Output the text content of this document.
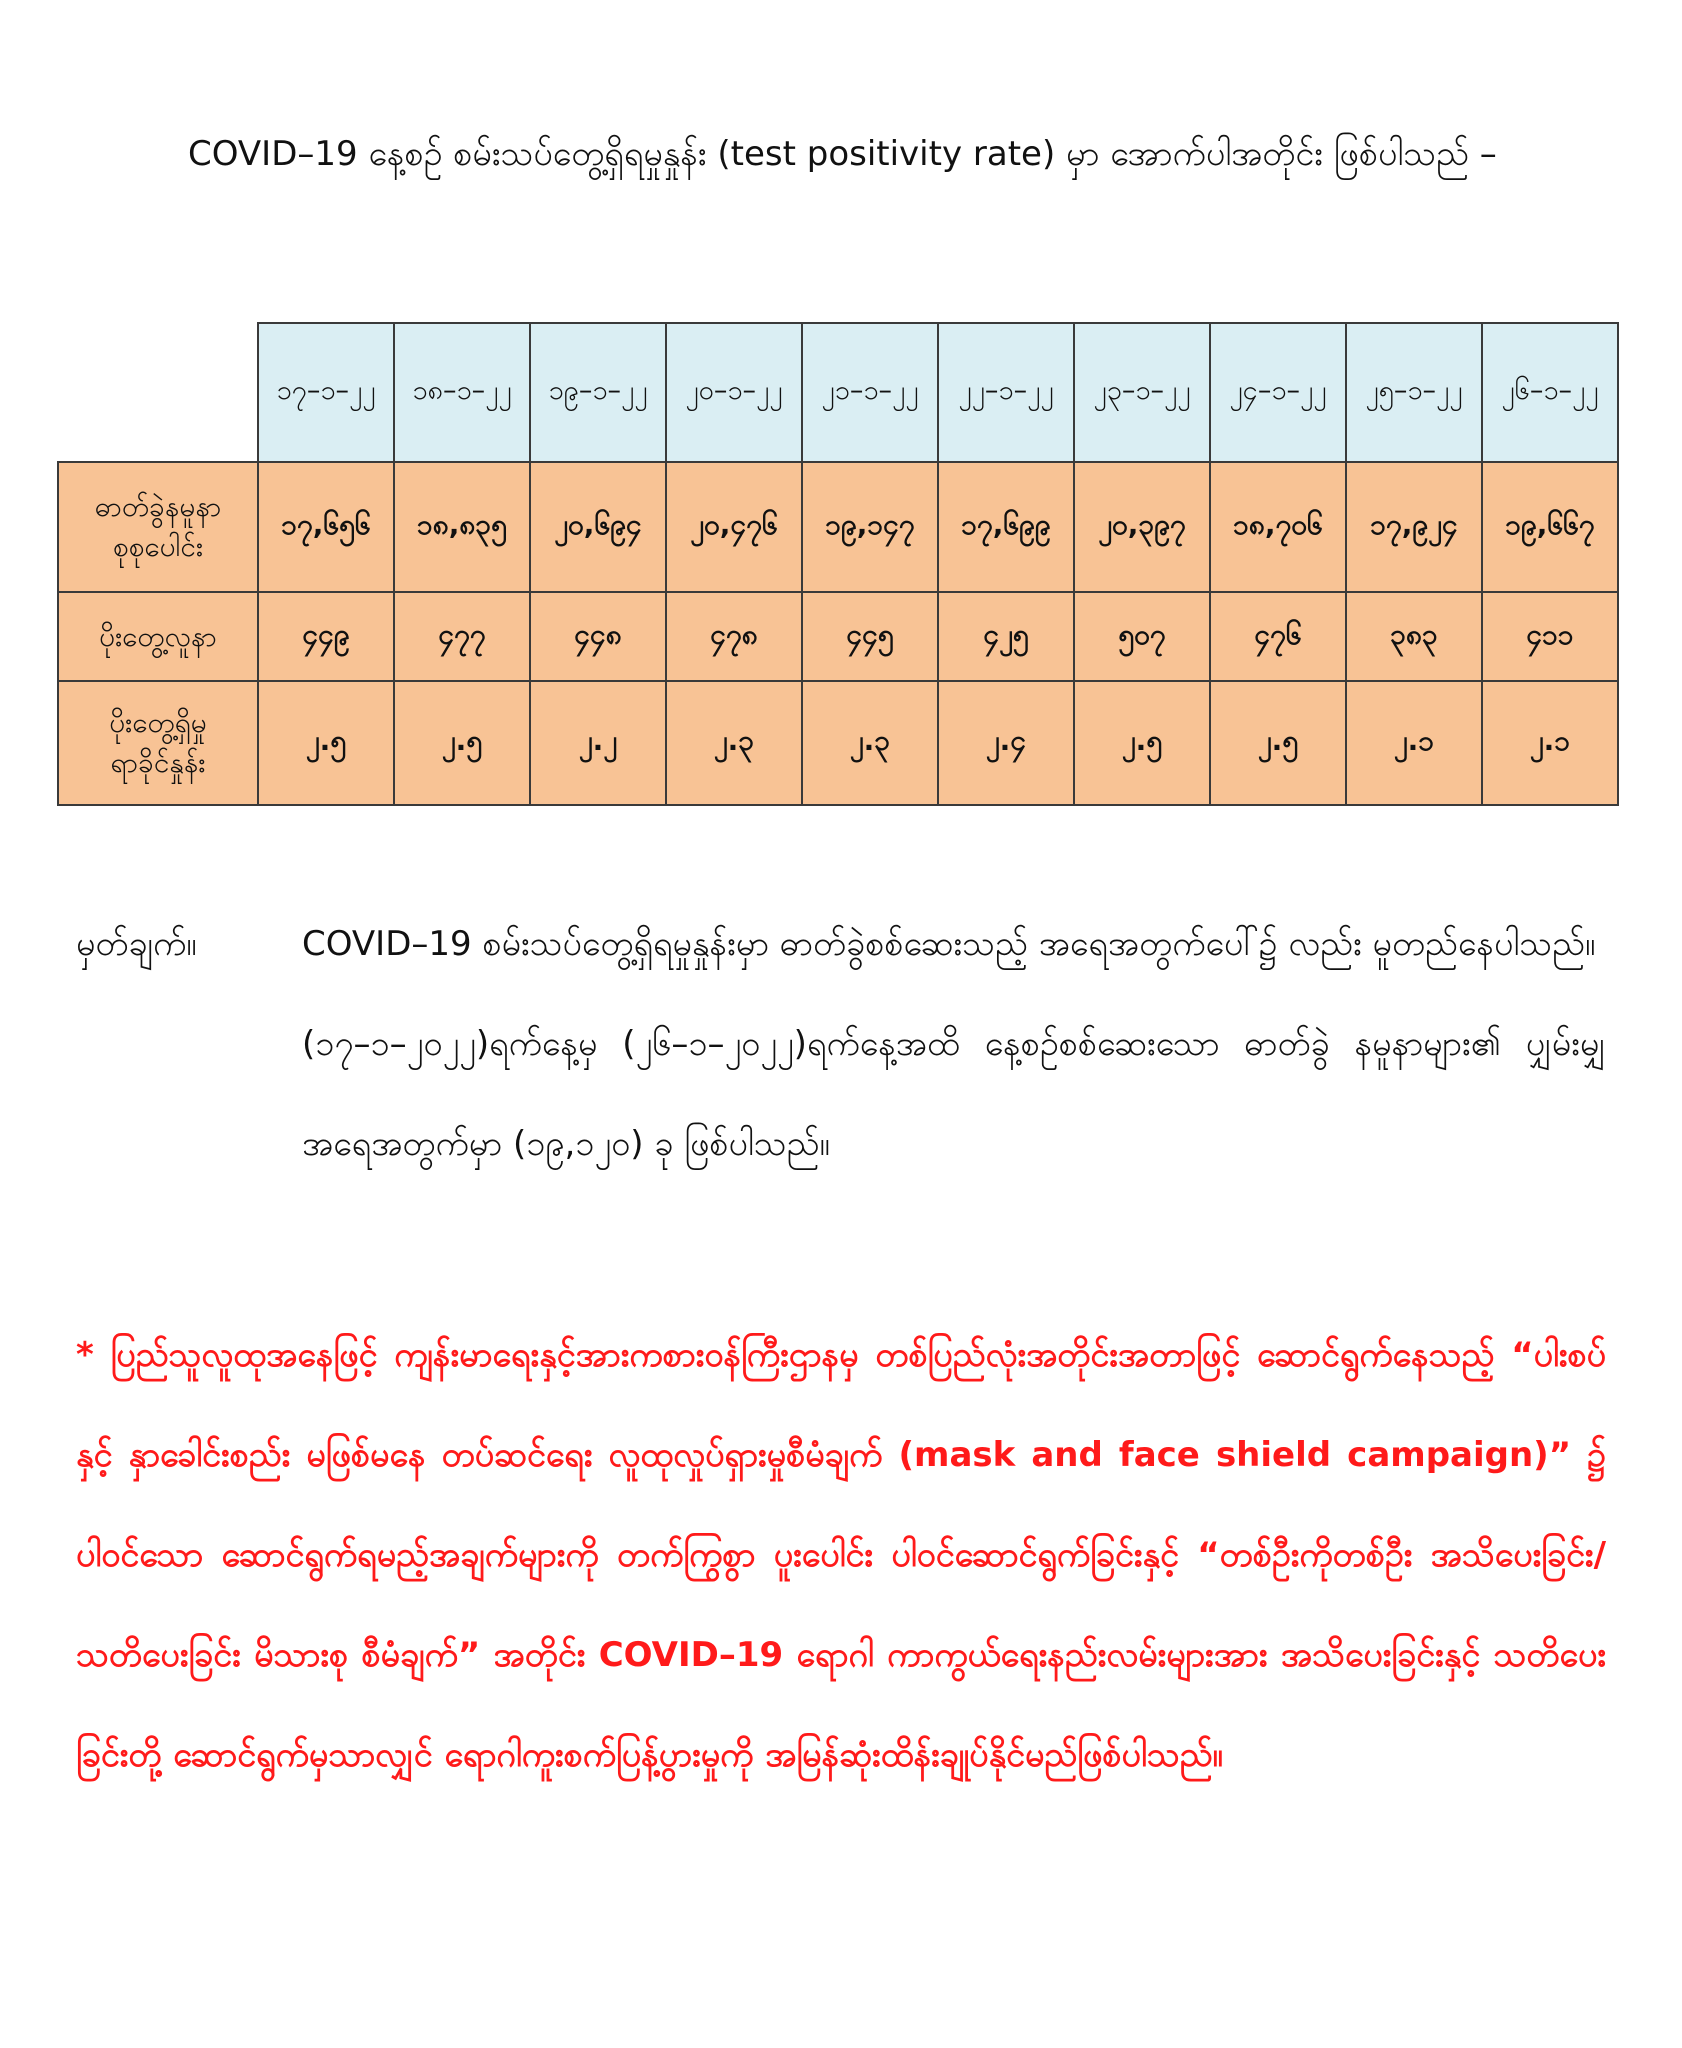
COVID–19 နေ့စဉ် စမ်းသပ်တွေ့ရှိရမှုနှုန်း (test positivity rate) မှာ အောက်ပါအတိုင်း ဖြစ်ပါသည် –

	၁၇–၁–၂၂	၁၈–၁–၂၂	၁၉–၁–၂၂	၂၀–၁–၂၂	၂၁–၁–၂၂	၂၂–၁–၂၂	၂၃–၁–၂၂	၂၄–၁–၂၂	၂၅–၁–၂၂	၂၆–၁–၂၂

ဓာတ်ခွဲနမူနာ
စုစုပေါင်း	၁၇,၆၅၆	၁၈,၈၃၅	၂၀,၆၉၄	၂၀,၄၇၆	၁၉,၁၄၇	၁၇,၆၉၉	၂၀,၃၉၇	၁၈,၇၀၆	၁၇,၉၂၄	၁၉,၆၆၇

ပိုးတွေ့လူနာ	၄၄၉	၄၇၇	၄၄၈	၄၇၈	၄၄၅	၄၂၅	၅၀၇	၄၇၆	၃၈၃	၄၁၁

ပိုးတွေ့ရှိမှု
ရာခိုင်နှုန်း	၂.၅	၂.၅	၂.၂	၂.၃	၂.၃	၂.၄	၂.၅	၂.၅	၂.၁	၂.၁
မှတ်ချက်။	COVID–19 စမ်းသပ်တွေ့ရှိရမှုနှုန်းမှာ ဓာတ်ခွဲစစ်ဆေးသည့် အရေအတွက်ပေါ်၌ လည်း မူတည်နေပါသည်။

(၁၇–၁–၂၀၂၂)ရက်နေ့မှ (၂၆–၁–၂၀၂၂)ရက်နေ့အထိ နေ့စဉ်စစ်ဆေးသော ဓာတ်ခွဲ နမူနာများ၏ ပျှမ်းမျှအရေအတွက်မှာ (၁၉,၁၂၀) ခု ဖြစ်ပါသည်။

* ပြည်သူလူထုအနေဖြင့် ကျန်းမာရေးနှင့်အားကစားဝန်ကြီးဌာနမှ တစ်ပြည်လုံးအတိုင်းအတာဖြင့် ဆောင်ရွက်နေသည့် “ပါးစပ်နှင့် နှာခေါင်းစည်း မဖြစ်မနေ တပ်ဆင်ရေး လူထုလှုပ်ရှားမှုစီမံချက် (mask and face shield campaign)” ၌ ပါဝင်သော ဆောင်ရွက်ရမည့်အချက်များကို တက်ကြွစွာ ပူးပေါင်း ပါဝင်ဆောင်ရွက်ခြင်းနှင့် “တစ်ဦးကိုတစ်ဦး အသိပေးခြင်း/ သတိပေးခြင်း မိသားစု စီမံချက်” အတိုင်း COVID–19 ရောဂါ ကာကွယ်ရေးနည်းလမ်းများအား အသိပေးခြင်းနှင့် သတိပေး ခြင်းတို့ ဆောင်ရွက်မှသာလျှင် ရောဂါကူးစက်ပြန့်ပွားမှုကို အမြန်ဆုံးထိန်းချုပ်နိုင်မည်ဖြစ်ပါသည်။
